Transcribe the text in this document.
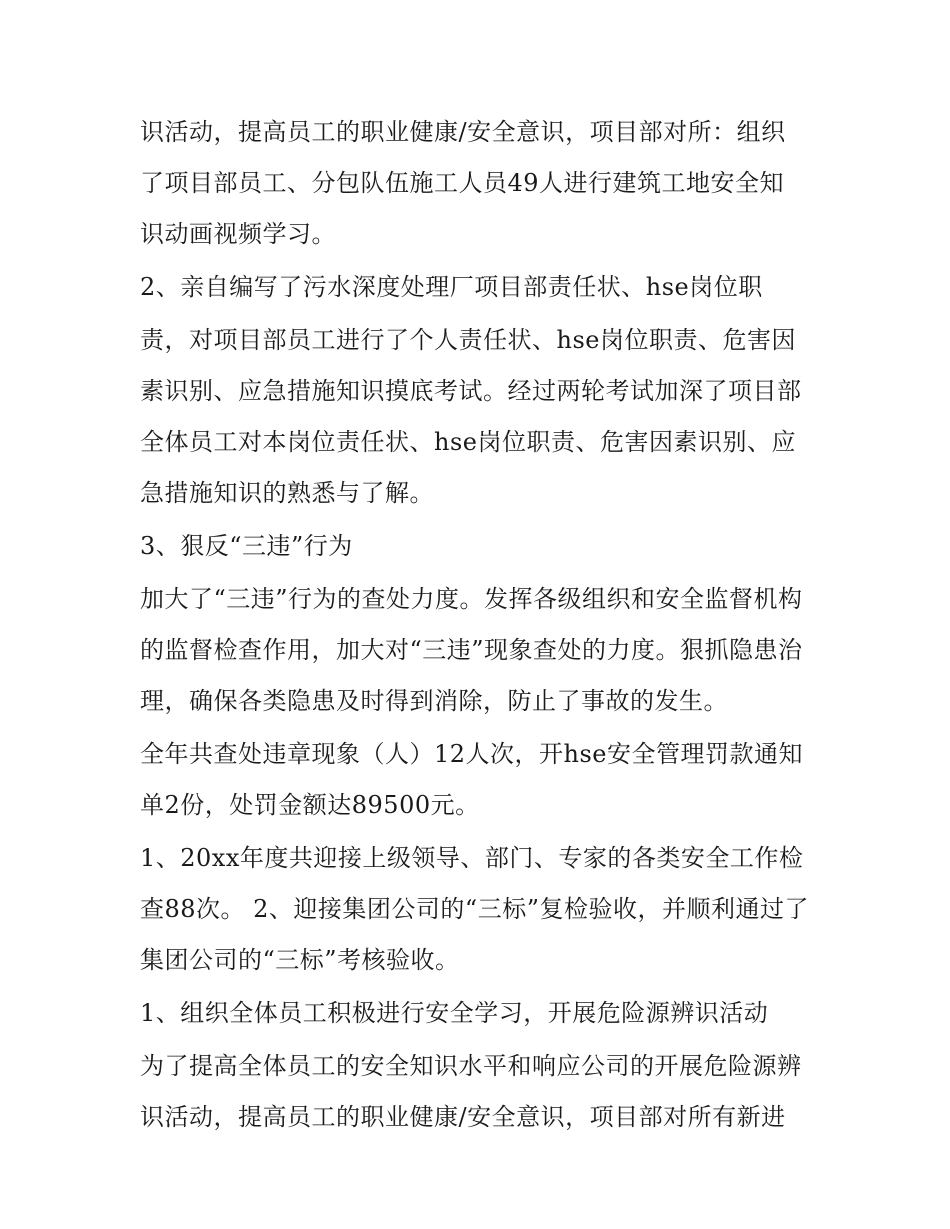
识活动，提高员工的职业健康/安全意识，项目部对所：组织
了项目部员工、分包队伍施工人员49人进行建筑工地安全知
识动画视频学习。
2、亲自编写了污水深度处理厂项目部责任状、hse岗位职
责，对项目部员工进行了个人责任状、hse岗位职责、危害因
素识别、应急措施知识摸底考试。经过两轮考试加深了项目部
全体员工对本岗位责任状、hse岗位职责、危害因素识别、应
急措施知识的熟悉与了解。
3、狠反“三违”行为
加大了“三违”行为的查处力度。发挥各级组织和安全监督机构
的监督检查作用，加大对“三违”现象查处的力度。狠抓隐患治
理，确保各类隐患及时得到消除，防止了事故的发生。
全年共查处违章现象（人）12人次，开hse安全管理罚款通知
单2份，处罚金额达89500元。
1、20xx年度共迎接上级领导、部门、专家的各类安全工作检
查88次。 2、迎接集团公司的“三标”复检验收，并顺利通过了
集团公司的“三标”考核验收。
1、组织全体员工积极进行安全学习，开展危险源辨识活动
为了提高全体员工的安全知识水平和响应公司的开展危险源辨
识活动，提高员工的职业健康/安全意识，项目部对所有新进
